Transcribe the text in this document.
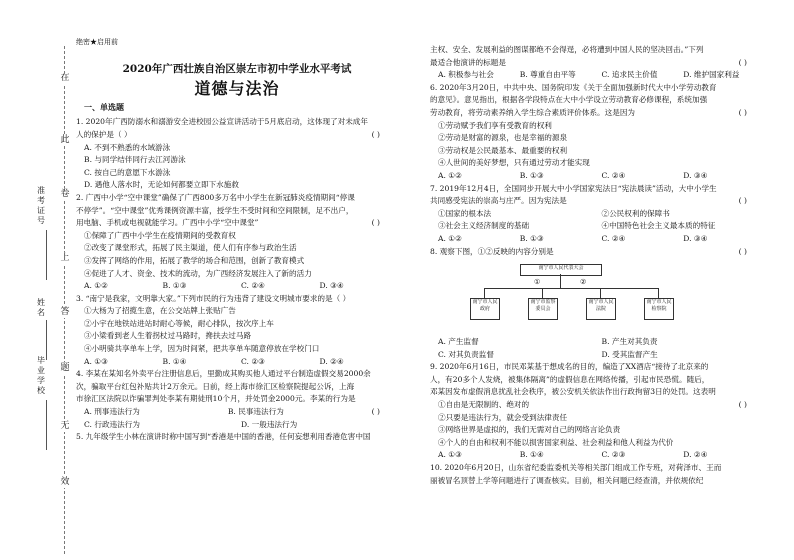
在
此
卷
上
答
题
无
效
准考证号
姓名
毕业学校
绝密★启用前
2020年广西壮族自治区崇左市初中学业水平考试
道德与法治
一、单选题

1. 2020年广西防溺水和溺游安全进校园公益宣讲活动于5月底启动，这体现了对未成年

( )
人的保护是（ ）

A. 不到不熟悉的水域游泳

B. 与同学结伴同行去江河游泳

C. 按自己的意愿下水游泳

D. 遇他人落水时，无论如何都要立即下水施救

2. 广西中小学“空中课堂”确保了广西800多万名中小学生在新冠肺炎疫情期间“停课

不停学”。“空中课堂”优秀课例资源丰富，授学生不受时间和空间限制，足不出户，

( )
用电脑、手机或电视就能学习。广西中小学“空中课堂”

①保障了广西中小学生在疫情期间的受教育权

②改变了课堂形式，拓展了民主渠道，使人们有序参与政治生活

③发挥了网络的作用，拓展了教学的场合和范围，创新了教育模式

④促进了人才、资金、技术的流动，为广西经济发展注入了新的活力

A. ①②	B. ①③	C. ②④	D. ③④

3. “南宁是我家，文明靠大家。”下列市民的行为违背了建设文明城市要求的是（ ）

①大杨为了招揽生意，在公交站牌上张贴广告

②小宇在地铁站进站时耐心等候，耐心排队，按次序上车

③小梁看到老人生着拐杖过马路时，搀扶去过马路

④小明骑共享单车上学，因为时间紧，把共享单车随意停放在学校门口

A. ①③	B. ①④	C. ②③	D. ②④

4. 李某在某知名外卖平台注册信息后，里勤成其购买他人通过平台制造虚假交易2000余

次，骗取平台红包补贴共计2万余元。日前，经上海市徐汇区检察院提起公诉，上海

市徐汇区法院以诈骗罪判处李某有期徒刑10个月，并处罚金2000元。李某的行为是

( )

A. 刑事违法行为	B. 民事违法行为
C. 行政违法行为	D. 一般违法行为

5. 九年级学生小林在演讲时称中国写到“香港是中国的香港，任何妄想利用香港危害中国

主权、安全、发展利益的图谋都绝不会得逞，必将遭到中国人民的坚决回击。”下列

( )
最适合他演讲的标题是

A. 积极参与社会	B. 尊重自由平等	C. 追求民主价值	D. 维护国家利益

6. 2020年3月20日，中共中央、国务院印发《关于全面加强新时代大中小学劳动教育

的意见》。意见指出，根据各学段特点在大中小学设立劳动教育必修课程，系统加强

( )
劳动教育，将劳动素养纳入学生综合素质评价体系。这是因为

①劳动赋予我们享有受教育的权利

②劳动是财富的源泉，也是幸福的源泉

③劳动权是公民最基本、最重要的权利

④人世间的美好梦想，只有通过劳动才能实现

A. ①②	B. ①③	C. ②④	D. ③④

7. 2019年12月4日，全国同步开展大中小学国家宪法日“宪法晨读”活动，大中小学生

( )
共同感受宪法的崇高与庄严。因为宪法是

①国家的根本法	②公民权利的保障书
③社会主义经济制度的基础	④中国特色社会主义最本质的特征
A. ①②	B. ①③	C. ②④	D. ③④

( )
8. 观察下图，①②反映的内容分别是

南宁市人民代表大会
①	②
南宁市人民政府
南宁市监察委员会
南宁市人民法院
南宁市人民检察院
A. 产生监督	B. 产生对其负责
C. 对其负责监督	D. 受其监督产生

9. 2020年6月16日，市民邓某基于想成名的目的，编造了XX酒店“接待了北京来的

人，有20多个人发烧，被集体隔离”的虚假信息在网络传播，引起市民恐慌。随后，

邓某因发布虚假消息扰乱社会秩序，被公安机关依法作出行政拘留3日的处罚。这表明

( )

①自由是无限制的、绝对的

②只要是违法行为，就会受到法律责任

③网络世界是虚拟的，我们无需对自己的网络言论负责

④个人的自由和权利不能以损害国家利益、社会利益和他人利益为代价

A. ①③	B. ①④	C. ②③	D. ②④

10. 2020年6月20日，山东省纪委监委机关等相关部门组成工作专班，对荷泽市、王而

丽被冒名顶替上学等问题进行了调查核实。目前，相关问题已经查清，并依规依纪
